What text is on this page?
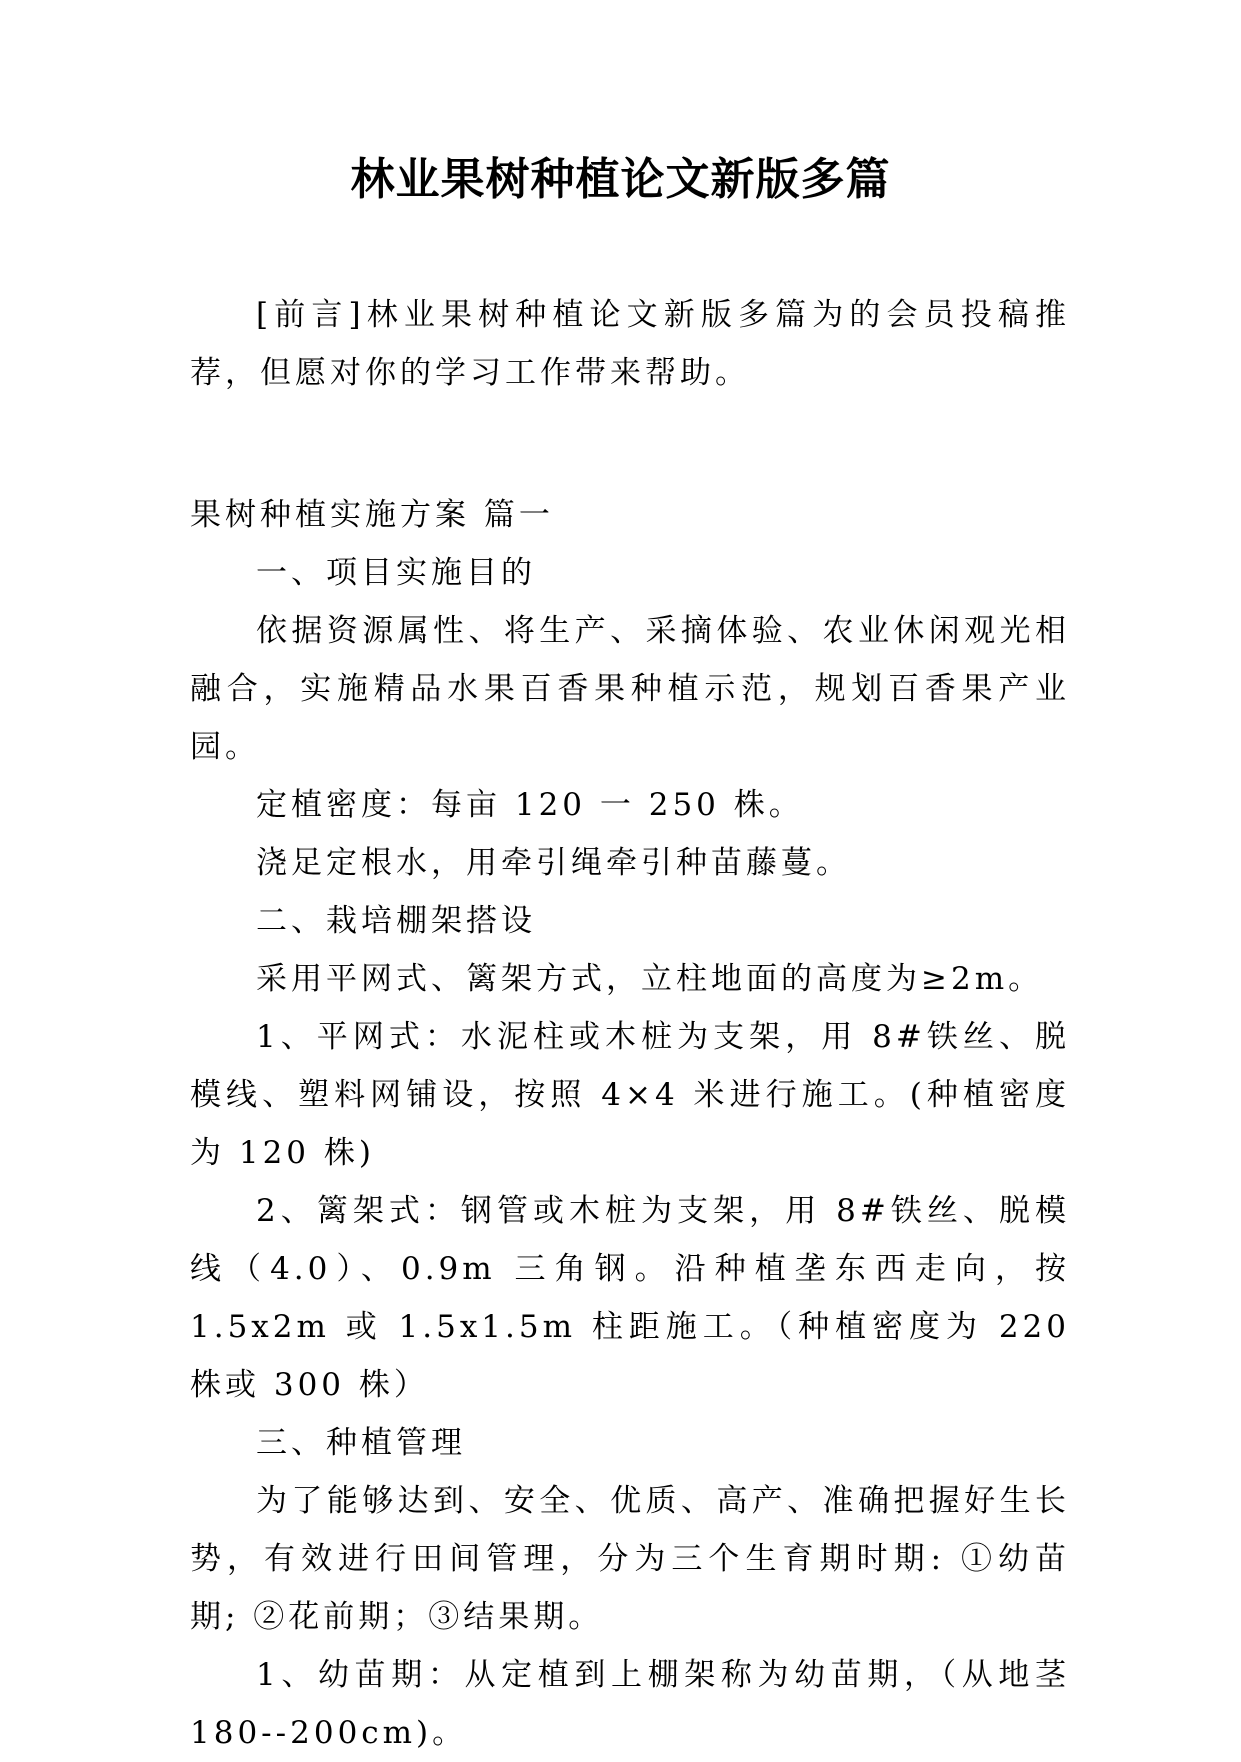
林业果树种植论文新版多篇

[前言]林业果树种植论文新版多篇为的会员投稿推荐，但愿对你的学习工作带来帮助。

果树种植实施方案 篇一

一、项目实施目的

依据资源属性、将生产、采摘体验、农业休闲观光相融合，实施精品水果百香果种植示范，规划百香果产业园。

定植密度：每亩 120 一 250 株。

浇足定根水，用牵引绳牵引种苗藤蔓。

二、栽培棚架搭设

采用平网式、篱架方式，立柱地面的高度为≥2m。

1、平网式：水泥柱或木桩为支架，用 8#铁丝、脱模线、塑料网铺设，按照 4×4 米进行施工。(种植密度为 120 株)

2、篱架式：钢管或木桩为支架，用 8#铁丝、脱模线（4.0）、0.9m 三角钢。沿种植垄东西走向，按 1.5x2m 或 1.5x1.5m 柱距施工。（种植密度为 220 株或 300 株）

三、种植管理

为了能够达到、安全、优质、高产、准确把握好生长势，有效进行田间管理，分为三个生育期时期: ①幼苗期; ②花前期；③结果期。

1、幼苗期：从定植到上棚架称为幼苗期，（从地茎 180--200cm)。
